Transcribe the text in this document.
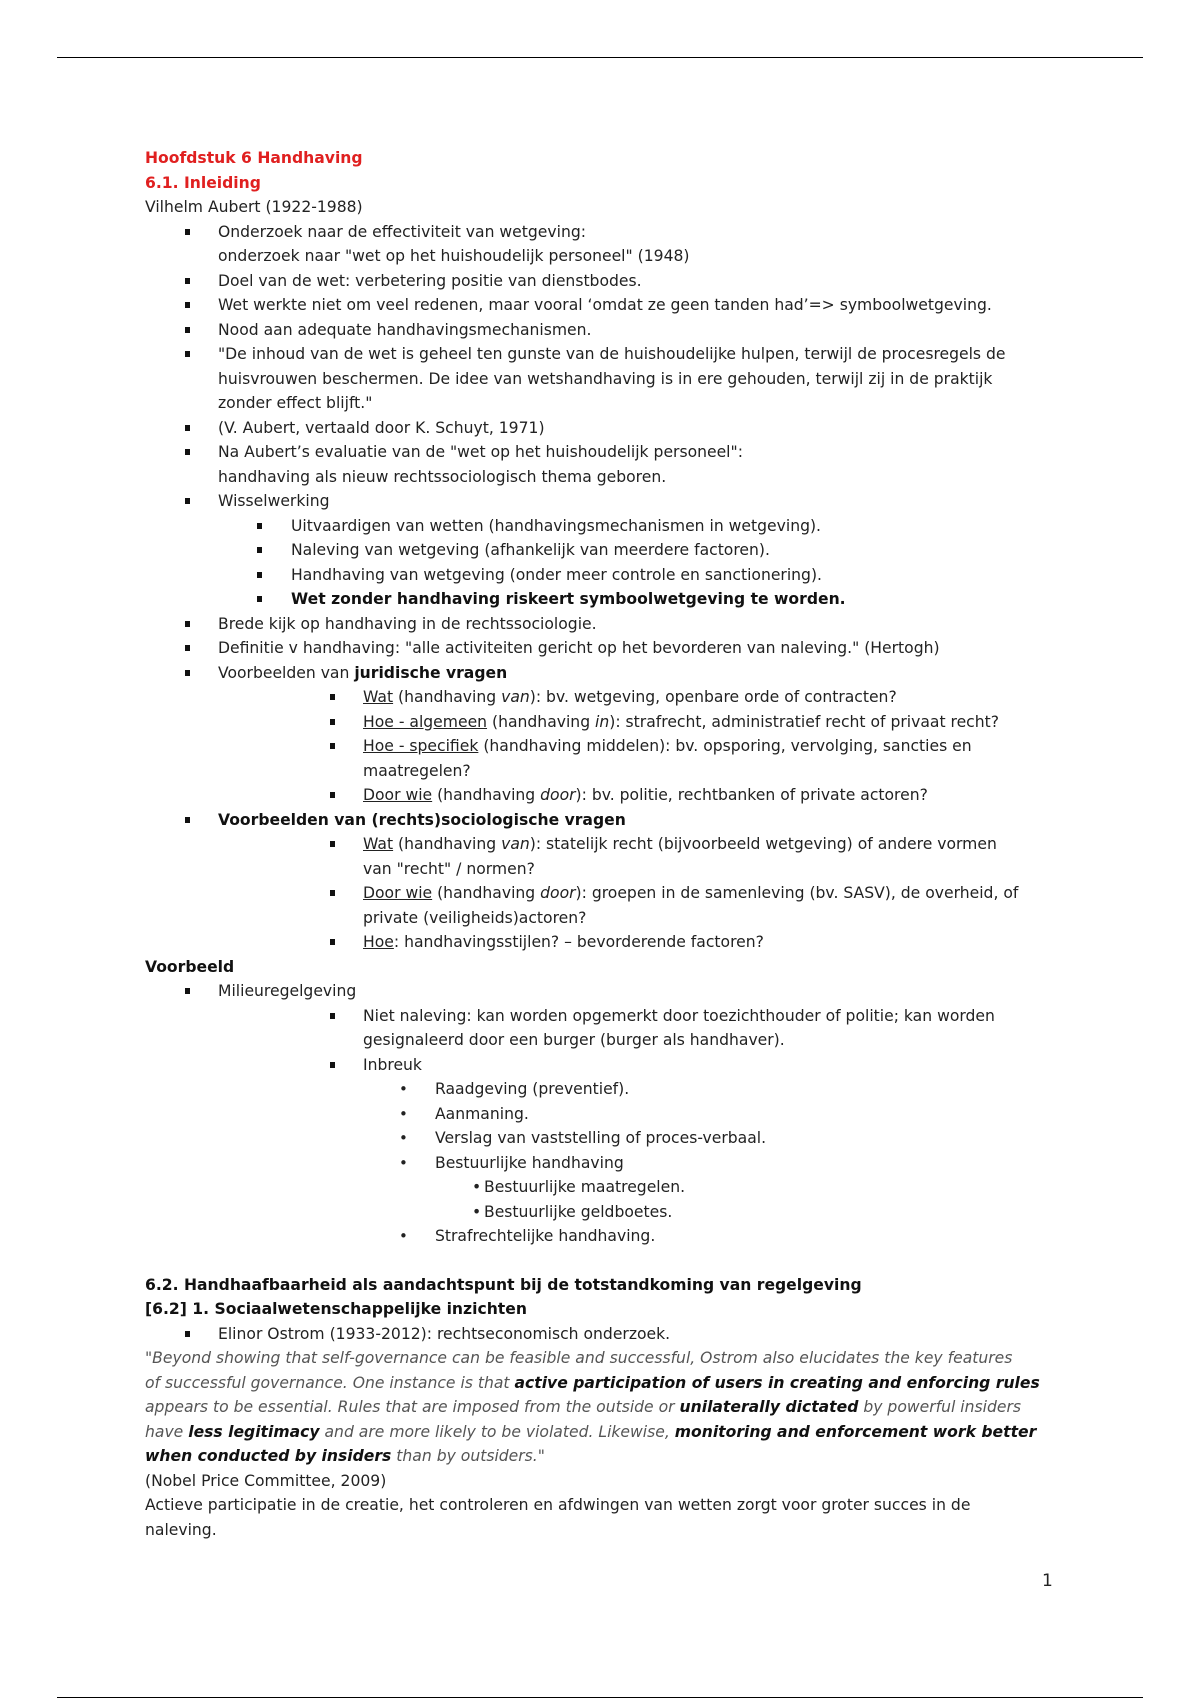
Hoofdstuk 6 Handhaving
6.1. Inleiding
Vilhelm Aubert (1922-1988)
Onderzoek naar de effectiviteit van wetgeving:
onderzoek naar "wet op het huishoudelijk personeel" (1948)
Doel van de wet: verbetering positie van dienstbodes.
Wet werkte niet om veel redenen, maar vooral ‘omdat ze geen tanden had’=> symboolwetgeving.
Nood aan adequate handhavingsmechanismen.
"De inhoud van de wet is geheel ten gunste van de huishoudelijke hulpen, terwijl de procesregels de
huisvrouwen beschermen. De idee van wetshandhaving is in ere gehouden, terwijl zij in de praktijk
zonder effect blijft."
(V. Aubert, vertaald door K. Schuyt, 1971)
Na Aubert’s evaluatie van de "wet op het huishoudelijk personeel":
handhaving als nieuw rechtssociologisch thema geboren.
Wisselwerking
Uitvaardigen van wetten (handhavingsmechanismen in wetgeving).
Naleving van wetgeving (afhankelijk van meerdere factoren).
Handhaving van wetgeving (onder meer controle en sanctionering).
Wet zonder handhaving riskeert symboolwetgeving te worden.
Brede kijk op handhaving in de rechtssociologie.
Definitie v handhaving: "alle activiteiten gericht op het bevorderen van naleving." (Hertogh)
Voorbeelden van juridische vragen
Wat (handhaving van): bv. wetgeving, openbare orde of contracten?
Hoe - algemeen (handhaving in): strafrecht, administratief recht of privaat recht?
Hoe - specifiek (handhaving middelen): bv. opsporing, vervolging, sancties en
maatregelen?
Door wie (handhaving door): bv. politie, rechtbanken of private actoren?
Voorbeelden van (rechts)sociologische vragen
Wat (handhaving van): statelijk recht (bijvoorbeeld wetgeving) of andere vormen
van "recht" / normen?
Door wie (handhaving door): groepen in de samenleving (bv. SASV), de overheid, of
private (veiligheids)actoren?
Hoe: handhavingsstijlen? – bevorderende factoren?
Voorbeeld
Milieuregelgeving
Niet naleving: kan worden opgemerkt door toezichthouder of politie; kan worden
gesignaleerd door een burger (burger als handhaver).
Inbreuk
• Raadgeving (preventief).
• Aanmaning.
• Verslag van vaststelling of proces-verbaal.
• Bestuurlijke handhaving
• Bestuurlijke maatregelen.
• Bestuurlijke geldboetes.
• Strafrechtelijke handhaving.
6.2. Handhaafbaarheid als aandachtspunt bij de totstandkoming van regelgeving
[6.2] 1. Sociaalwetenschappelijke inzichten
Elinor Ostrom (1933-2012): rechtseconomisch onderzoek.
"Beyond showing that self-governance can be feasible and successful, Ostrom also elucidates the key features
of successful governance. One instance is that active participation of users in creating and enforcing rules
appears to be essential. Rules that are imposed from the outside or unilaterally dictated by powerful insiders
have less legitimacy and are more likely to be violated. Likewise, monitoring and enforcement work better
when conducted by insiders than by outsiders."
(Nobel Price Committee, 2009)
Actieve participatie in de creatie, het controleren en afdwingen van wetten zorgt voor groter succes in de
naleving.
1
